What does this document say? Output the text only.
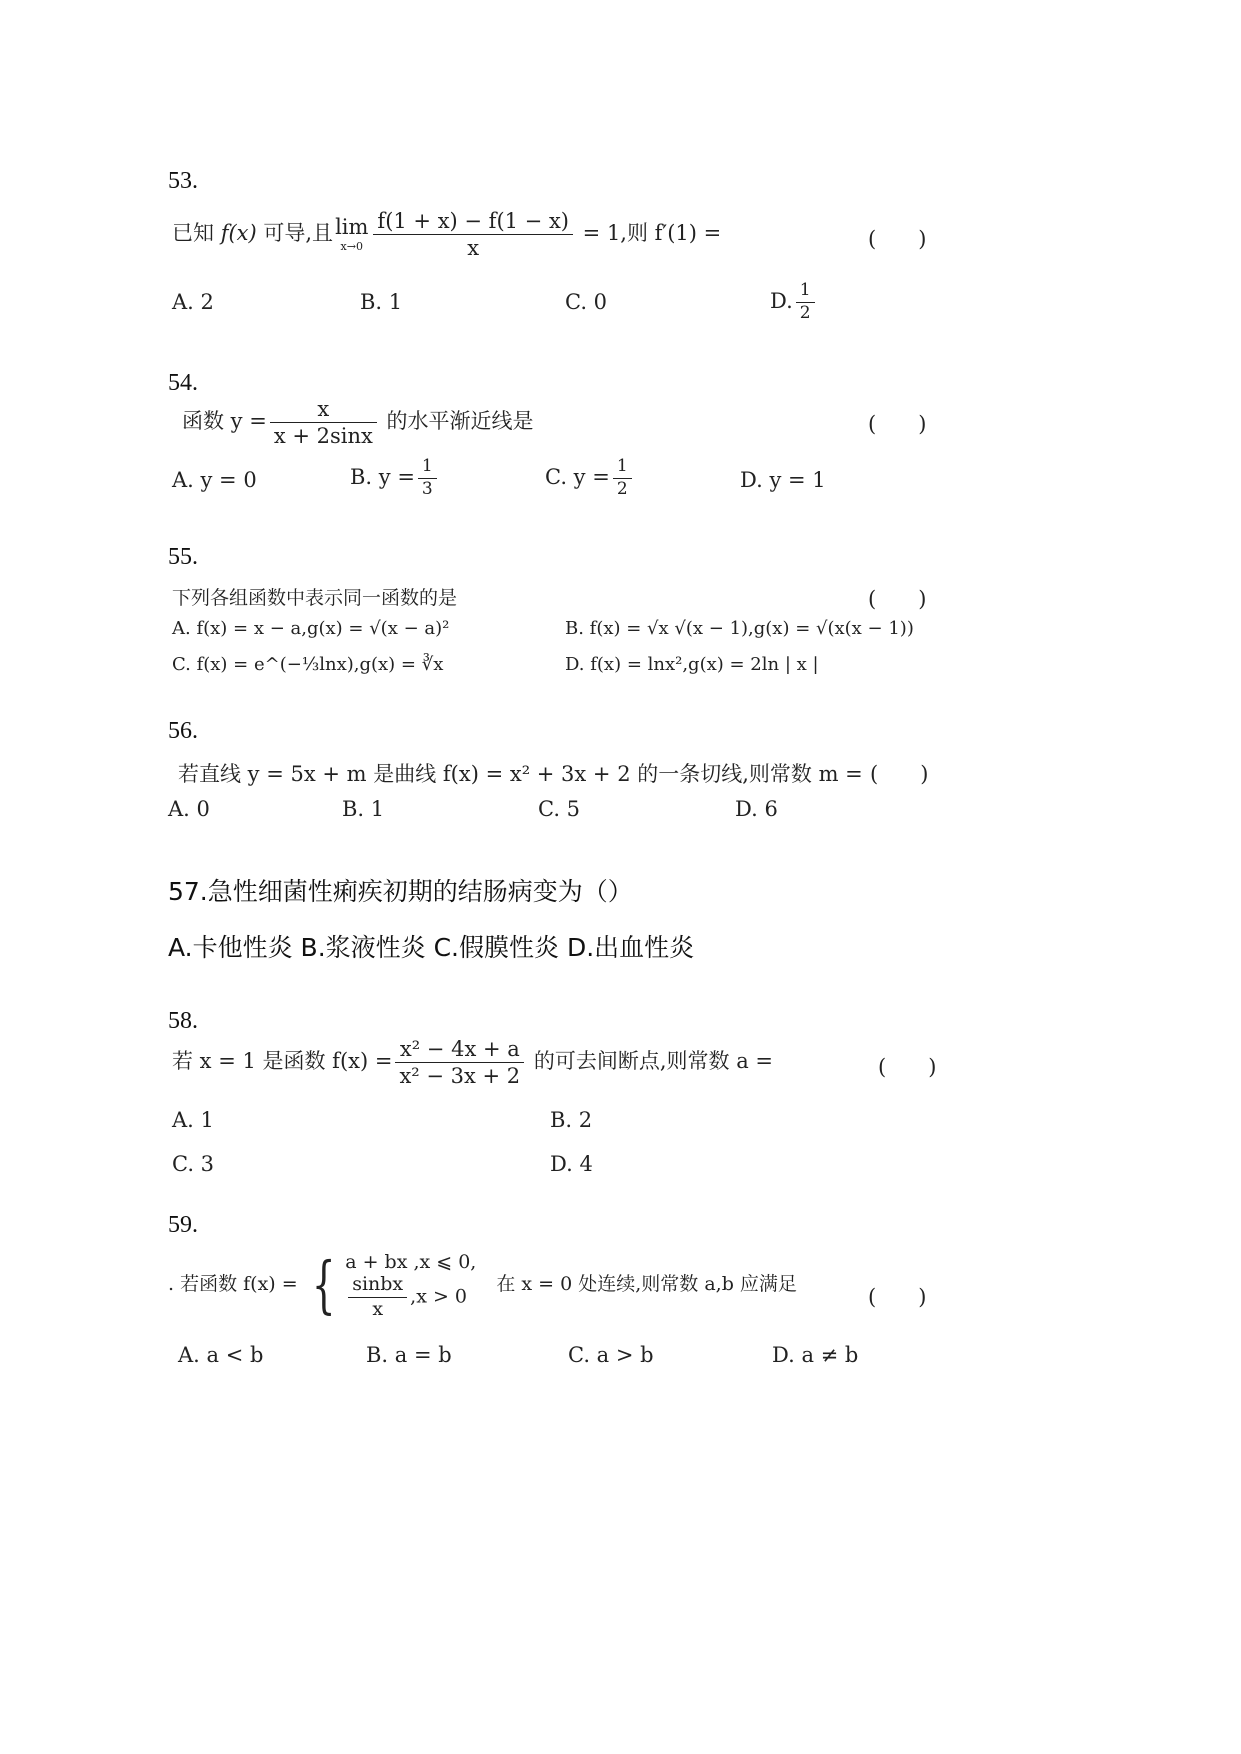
53.
已知 f(x) 可导,且lim
$x\to 0 \frac{f(1 + x) - f(1 - x)}{x} = 1$,则 f′(1) =	(　　)
A. 2	B. 1	C. 0	D. $\frac{1}{2}$
54.
函数 $y = \frac{x}{x + 2\sin x}$ 的水平渐近线是	(　　)
A. y = 0	B. $y = \frac{1}{3}$	C. $y = \frac{1}{2}$	D. y = 1
55.
下列各组函数中表示同一函数的是	(　　)
A. f(x) = x − a,g(x) = √(x − a)²	B. f(x) = √x √(x − 1),g(x) = √(x(x − 1))
C. f(x) = e^(−⅓lnx),g(x) = ∛x	D. f(x) = lnx²,g(x) = 2ln | x |
56.
若直线 y = 5x + m 是曲线 f(x) = x² + 3x + 2 的一条切线,则常数 m = (　　)
A. 0	B. 1	C. 5	D. 6
57.急性细菌性痢疾初期的结肠病变为（）
A.卡他性炎 B.浆液性炎 C.假膜性炎 D.出血性炎
58.
若 x = 1 是函数 $f(x) = \frac{\text{x² − 4x + a}}{\text{x² − 3x + 2}}$ 的可去间断点,则常数 a =	(　　)
A. 1	B. 2
C. 3	D. 4
59.
. 若函数 f(x) = { a + bx ,x ⩽ 0,
$\frac{\text{sinbx}}{x} ,x > 0$
在 x = 0 处连续,则常数 a,b 应满足
(　　)
A. a < b	B. a = b	C. a > b	D. a ≠ b
